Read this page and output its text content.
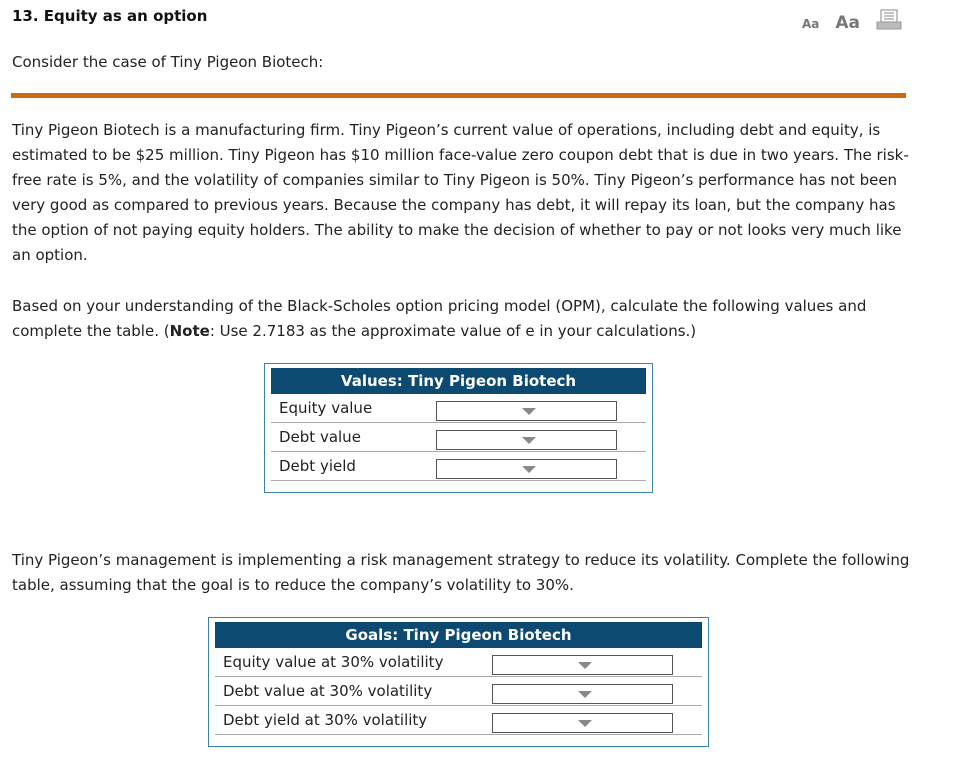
13. Equity as an option	Aa Aa
Consider the case of Tiny Pigeon Biotech:

Tiny Pigeon Biotech is a manufacturing firm. Tiny Pigeon’s current value of operations, including debt and equity, is estimated to be $25 million. Tiny Pigeon has $10 million face-value zero coupon debt that is due in two years. The risk-free rate is 5%, and the volatility of companies similar to Tiny Pigeon is 50%. Tiny Pigeon’s performance has not been very good as compared to previous years. Because the company has debt, it will repay its loan, but the company has the option of not paying equity holders. The ability to make the decision of whether to pay or not looks very much like an option.

Based on your understanding of the Black-Scholes option pricing model (OPM), calculate the following values and complete the table. (Note: Use 2.7183 as the approximate value of e in your calculations.)

Values: Tiny Pigeon Biotech
Equity value
Debt value
Debt yield

Tiny Pigeon’s management is implementing a risk management strategy to reduce its volatility. Complete the following table, assuming that the goal is to reduce the company’s volatility to 30%.

Goals: Tiny Pigeon Biotech
Equity value at 30% volatility
Debt value at 30% volatility
Debt yield at 30% volatility
